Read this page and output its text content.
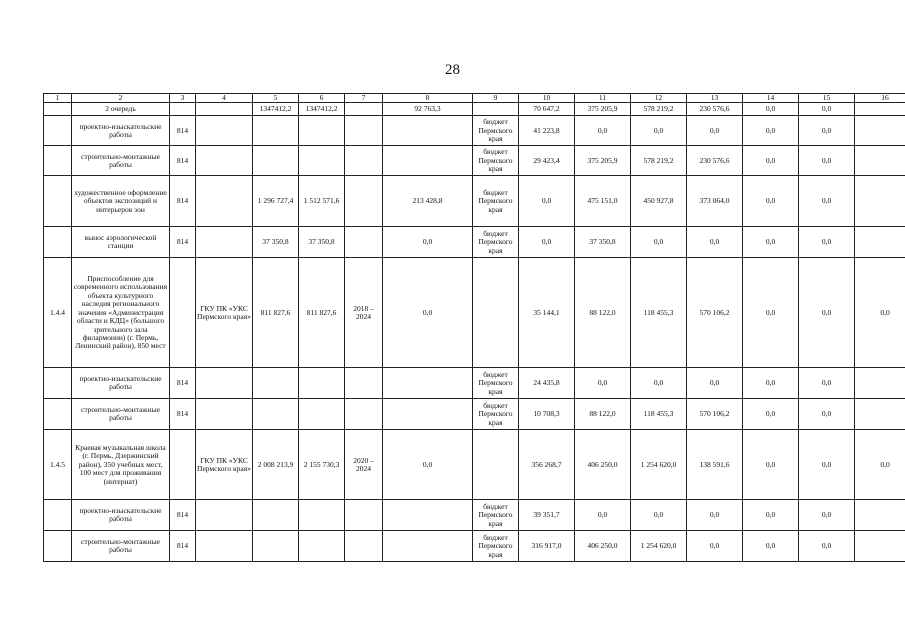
28
1	2	3	4	5	6	7	8	9	10	11	12	13	14	15	16
	2 очередь			1347412,2	1347412,2		92 763,3		70 647,2	375 205,9	578 219,2	230 576,6	0,0	0,0	
	проектно-изыскательские работы	814						бюджет Пермского края	41 223,8	0,0	0,0	0,0	0,0	0,0	
	строительно-монтажные работы	814						бюджет Пермского края	29 423,4	375 205,9	578 219,2	230 576,6	0,0	0,0	
	художественное оформление объектов экспозиций и интерьеров зон	814		1 296 727,4	1 512 571,6		213 428,8	бюджет Пермского края	0,0	475 151,0	450 927,8	373 064,0	0,0	0,0	
	вынос аэрологической станции	814		37 350,8	37 350,8		0,0	бюджет Пермского края	0,0	37 350,8	0,0	0,0	0,0	0,0	
1.4.4	Приспособление для современного использования объекта культурного наследия регионального значения «Администрация области и КДЦ» (большого зрительного зала филармонии) (г. Пермь, Ленинский район), 850 мест		ГКУ ПК «УКС Пермского края»	811 827,6	811 827,6	2018 – 2024	0,0		35 144,1	88 122,0	118 455,3	570 106,2	0,0	0,0	0,0
	проектно-изыскательские работы	814						бюджет Пермского края	24 435,8	0,0	0,0	0,0	0,0	0,0	
	строительно-монтажные работы	814						бюджет Пермского края	10 708,3	88 122,0	118 455,3	570 106,2	0,0	0,0	
1.4.5	Краевая музыкальная школа (г. Пермь, Дзержинский район), 350 учебных мест, 100 мест для проживания (интернат)		ГКУ ПК «УКС Пермского края»	2 008 213,9	2 155 730,3	2020 – 2024	0,0		356 268,7	406 250,0	1 254 620,0	138 591,6	0,0	0,0	0,0
	проектно-изыскательские работы	814						бюджет Пермского края	39 351,7	0,0	0,0	0,0	0,0	0,0	
	строительно-монтажные работы	814						бюджет Пермского края	316 917,0	406 250,0	1 254 620,0	0,0	0,0	0,0	
